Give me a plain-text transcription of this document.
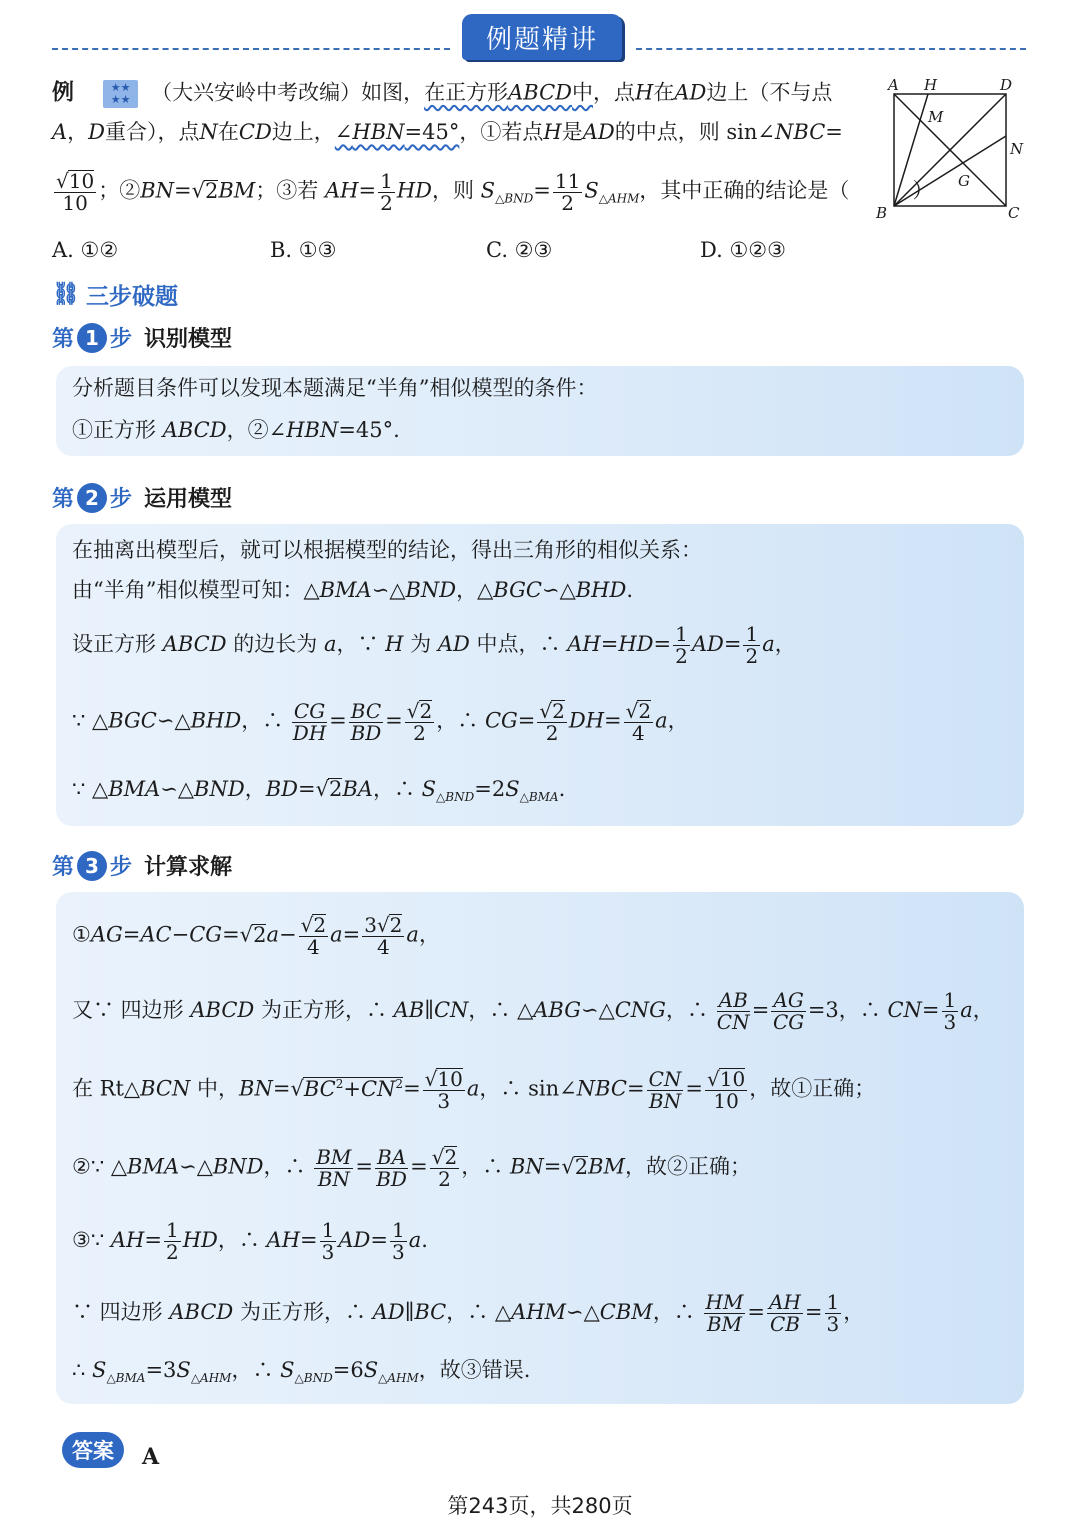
例题精讲
例	★★
★★ （大兴安岭中考改编）如图，在正方形ABCD中，点H在AD边上（不与点
A，D重合），点N在CD边上，∠HBN=45°，①若点H是AD的中点，则 sin∠NBC=
$\frac{√10}{10}$ ；②BN=√2BM；③若 $AH= \frac{1}{2}$ HD，则 $S_{\triangle BND}= \frac{11}{2} S_{\triangle AHM}$，其中正确的结论是（　　　）
A. ①②	B. ①③	C. ②③	D. ①②③
A H	D
M
N
G
B	C
⛓ 三步破题
第 1 步 识别模型
分析题目条件可以发现本题满足“半角”相似模型的条件：
①正方形 ABCD，②∠HBN=45°.
第 2 步 运用模型
在抽离出模型后，就可以根据模型的结论，得出三角形的相似关系：
由“半角”相似模型可知：△BMA∽△BND，△BGC∽△BHD.
设正方形 ABCD 的边长为 a，∵ H 为 AD 中点，∴ $AH=HD= \frac{1}{2} AD= \frac{1}{2}$ a，
∵ △BGC∽△BHD，∴ $\frac{CG}{DH} = \frac{BC}{BD} = \frac{√2}{2}$ ，∴ $CG= \frac{√2}{2} DH= \frac{√2}{4}$ a，
∵ △BMA∽△BND，BD=√2BA，∴ $S_{\triangle BND}=2S_{\triangle BMA}$.
第 3 步 计算求解
①AG=AC−CG=√2a− $\frac{√2}{4} a= \frac{3√2}{4}$ a，
又∵ 四边形 ABCD 为正方形，∴ AB∥CN，∴ △ABG∽△CNG，∴ $\frac{AB}{CN} = \frac{AG}{CG} =3$，∴ $CN= \frac{1}{3}$ a，
在 Rt△BCN 中，$BN=√BC^2+CN^2= \frac{√10}{3}$ a，∴ sin∠NBC= $\frac{CN}{BN} = \frac{√10}{10}$ ，故①正确；
②∵ △BMA∽△BND，∴ $\frac{BM}{BN} = \frac{BA}{BD} = \frac{√2}{2}$ ，∴ BN=√2BM，故②正确；
③∵ $AH= \frac{1}{2}$ HD，∴ $AH= \frac{1}{3} AD= \frac{1}{3} a$.
∵ 四边形 ABCD 为正方形，∴ AD∥BC，∴ △AHM∽△CBM，∴ $\frac{HM}{BM} = \frac{AH}{CB} = \frac{1}{3}$ ，
∴ $S_{\triangle BMA}=3S_{\triangle AHM}$，∴ $S_{\triangle BND}=6S_{\triangle AHM}$，故③错误.
答案	A
第243页，共280页
